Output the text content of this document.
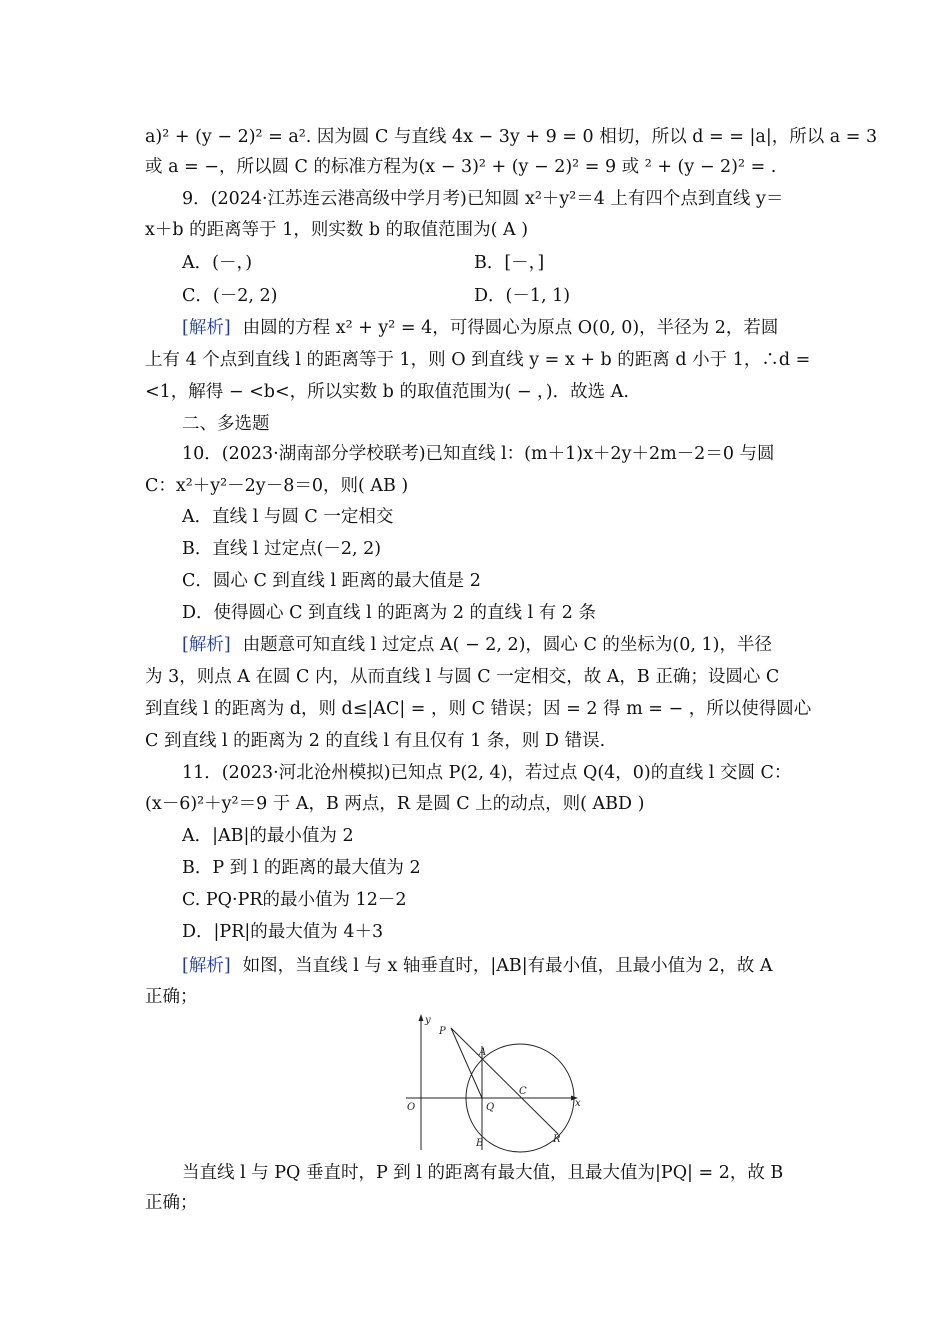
a)² + (y − 2)² = a². 因为圆 C 与直线 4x − 3y + 9 = 0 相切，所以 d = = |a|，所以 a = 3
或 a = −，所以圆 C 的标准方程为(x − 3)² + (y − 2)² = 9 或 ² + (y − 2)² = .
9．(2024·江苏连云港高级中学月考)已知圆 x²＋y²＝4 上有四个点到直线 y＝
x＋b 的距离等于 1，则实数 b 的取值范围为( A )
A．(－，)	B．[－，]
C．(－2, 2)	D．(－1, 1)
[解析] 由圆的方程 x² + y² = 4，可得圆心为原点 O(0, 0)，半径为 2，若圆
上有 4 个点到直线 l 的距离等于 1，则 O 到直线 y = x + b 的距离 d 小于 1，∴d =
<1，解得 − <b<，所以实数 b 的取值范围为( − ，)．故选 A.
二、多选题
10．(2023·湖南部分学校联考)已知直线 l：(m＋1)x＋2y＋2m－2＝0 与圆
C：x²＋y²－2y－8＝0，则( AB )
A．直线 l 与圆 C 一定相交
B．直线 l 过定点(－2, 2)
C．圆心 C 到直线 l 距离的最大值是 2
D．使得圆心 C 到直线 l 的距离为 2 的直线 l 有 2 条
[解析] 由题意可知直线 l 过定点 A( − 2, 2)，圆心 C 的坐标为(0, 1)，半径
为 3，则点 A 在圆 C 内，从而直线 l 与圆 C 一定相交，故 A，B 正确；设圆心 C
到直线 l 的距离为 d，则 d≤|AC| = ，则 C 错误；因 = 2 得 m = − ，所以使得圆心
C 到直线 l 的距离为 2 的直线 l 有且仅有 1 条，则 D 错误.
11．(2023·河北沧州模拟)已知点 P(2, 4)，若过点 Q(4，0)的直线 l 交圆 C：
(x－6)²＋y²＝9 于 A，B 两点，R 是圆 C 上的动点，则( ABD )
A．|AB|的最小值为 2
B．P 到 l 的距离的最大值为 2
C. PQ·PR的最小值为 12－2
D．|PR|的最大值为 4＋3
[解析] 如图，当直线 l 与 x 轴垂直时，|AB|有最小值，且最小值为 2，故 A
正确；
y
x
O
P
A
C
Q
B	R
当直线 l 与 PQ 垂直时，P 到 l 的距离有最大值，且最大值为|PQ| = 2，故 B
正确；
